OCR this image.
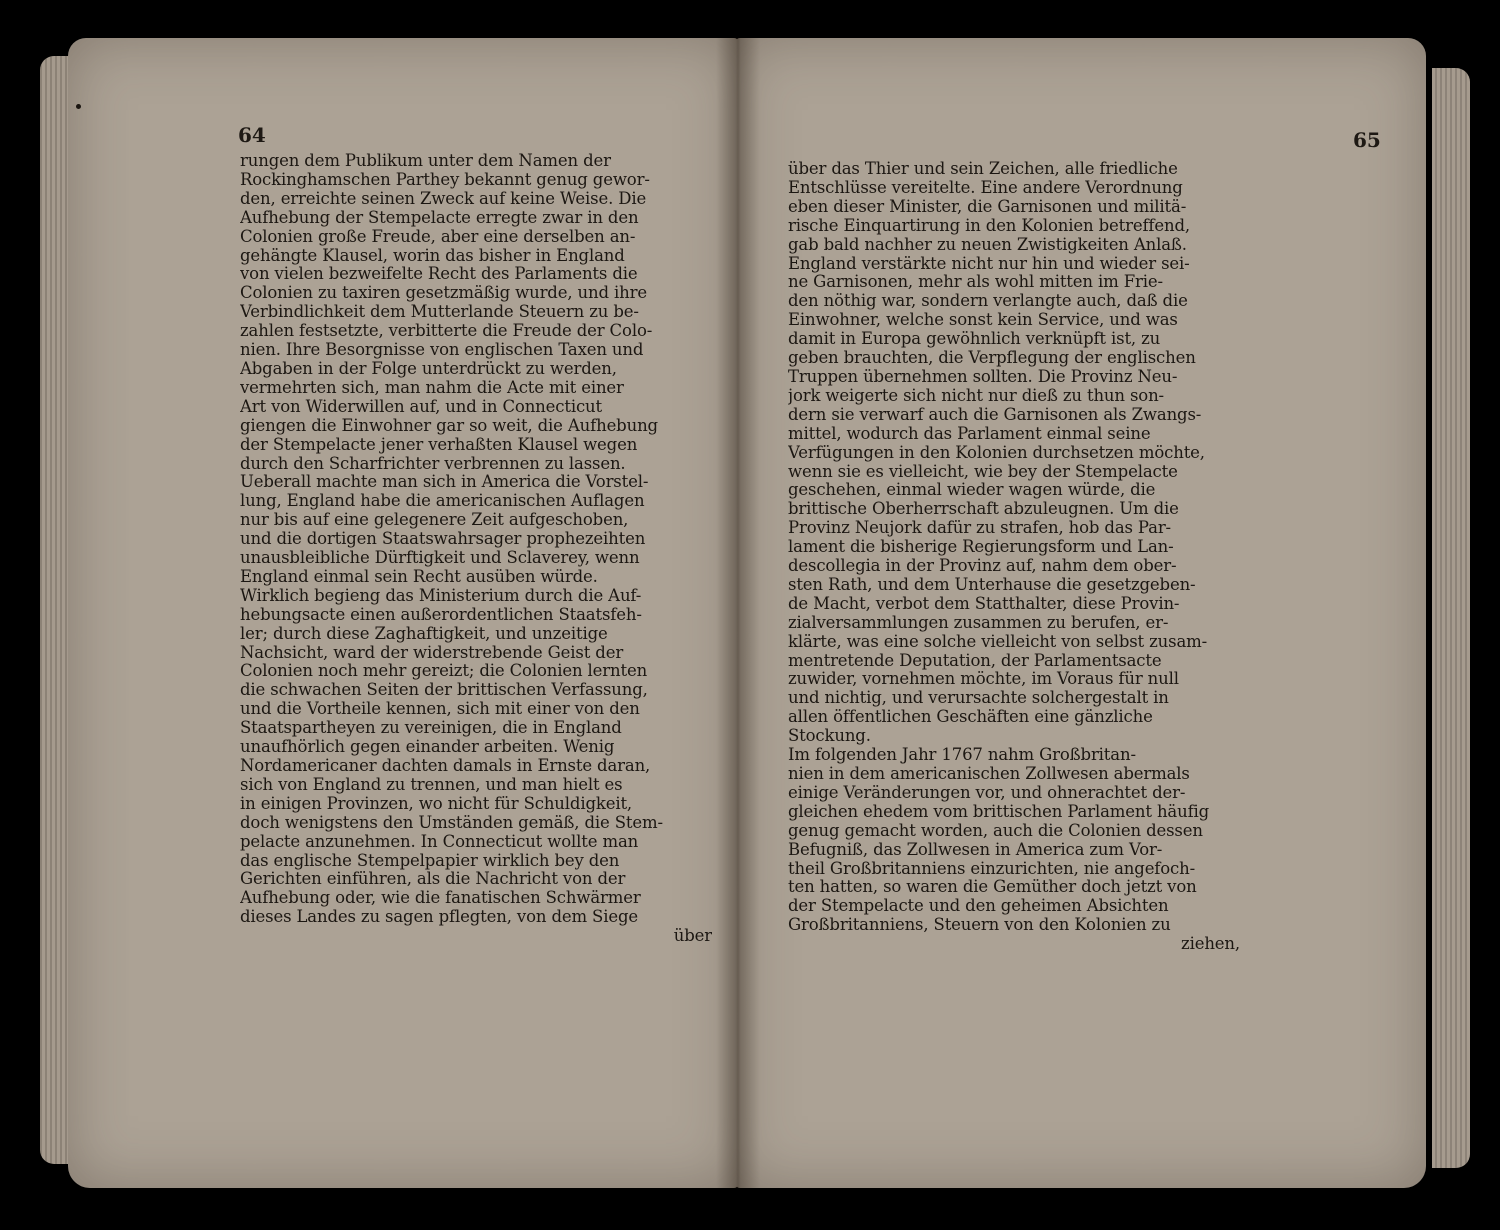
64
rungen dem Publikum unter dem Namen der
Rockinghamschen Parthey bekannt genug gewor-
den, erreichte seinen Zweck auf keine Weise. Die
Aufhebung der Stempelacte erregte zwar in den
Colonien große Freude, aber eine derselben an-
gehängte Klausel, worin das bisher in England
von vielen bezweifelte Recht des Parlaments die
Colonien zu taxiren gesetzmäßig wurde, und ihre
Verbindlichkeit dem Mutterlande Steuern zu be-
zahlen festsetzte, verbitterte die Freude der Colo-
nien. Ihre Besorgnisse von englischen Taxen und
Abgaben in der Folge unterdrückt zu werden,
vermehrten sich, man nahm die Acte mit einer
Art von Widerwillen auf, und in Connecticut
giengen die Einwohner gar so weit, die Aufhebung
der Stempelacte jener verhaßten Klausel wegen
durch den Scharfrichter verbrennen zu lassen.
Ueberall machte man sich in America die Vorstel-
lung, England habe die americanischen Auflagen
nur bis auf eine gelegenere Zeit aufgeschoben,
und die dortigen Staatswahrsager prophezeihten
unausbleibliche Dürftigkeit und Sclaverey, wenn
England einmal sein Recht ausüben würde.
Wirklich begieng das Ministerium durch die Auf-
hebungsacte einen außerordentlichen Staatsfeh-
ler; durch diese Zaghaftigkeit, und unzeitige
Nachsicht, ward der widerstrebende Geist der
Colonien noch mehr gereizt; die Colonien lernten
die schwachen Seiten der brittischen Verfassung,
und die Vortheile kennen, sich mit einer von den
Staatspartheyen zu vereinigen, die in England
unaufhörlich gegen einander arbeiten. Wenig
Nordamericaner dachten damals in Ernste daran,
sich von England zu trennen, und man hielt es
in einigen Provinzen, wo nicht für Schuldigkeit,
doch wenigstens den Umständen gemäß, die Stem-
pelacte anzunehmen. In Connecticut wollte man
das englische Stempelpapier wirklich bey den
Gerichten einführen, als die Nachricht von der
Aufhebung oder, wie die fanatischen Schwärmer
dieses Landes zu sagen pflegten, von dem Siege
über
65
über das Thier und sein Zeichen, alle friedliche
Entschlüsse vereitelte. Eine andere Verordnung
eben dieser Minister, die Garnisonen und militä-
rische Einquartirung in den Kolonien betreffend,
gab bald nachher zu neuen Zwistigkeiten Anlaß.
England verstärkte nicht nur hin und wieder sei-
ne Garnisonen, mehr als wohl mitten im Frie-
den nöthig war, sondern verlangte auch, daß die
Einwohner, welche sonst kein Service, und was
damit in Europa gewöhnlich verknüpft ist, zu
geben brauchten, die Verpflegung der englischen
Truppen übernehmen sollten. Die Provinz Neu-
jork weigerte sich nicht nur dieß zu thun son-
dern sie verwarf auch die Garnisonen als Zwangs-
mittel, wodurch das Parlament einmal seine
Verfügungen in den Kolonien durchsetzen möchte,
wenn sie es vielleicht, wie bey der Stempelacte
geschehen, einmal wieder wagen würde, die
brittische Oberherrschaft abzuleugnen. Um die
Provinz Neujork dafür zu strafen, hob das Par-
lament die bisherige Regierungsform und Lan-
descollegia in der Provinz auf, nahm dem ober-
sten Rath, und dem Unterhause die gesetzgeben-
de Macht, verbot dem Statthalter, diese Provin-
zialversammlungen zusammen zu berufen, er-
klärte, was eine solche vielleicht von selbst zusam-
mentretende Deputation, der Parlamentsacte
zuwider, vornehmen möchte, im Voraus für null
und nichtig, und verursachte solchergestalt in
allen öffentlichen Geschäften eine gänzliche
Stockung.
Im folgenden Jahr 1767 nahm Großbritan-
nien in dem americanischen Zollwesen abermals
einige Veränderungen vor, und ohnerachtet der-
gleichen ehedem vom brittischen Parlament häufig
genug gemacht worden, auch die Colonien dessen
Befugniß, das Zollwesen in America zum Vor-
theil Großbritanniens einzurichten, nie angefoch-
ten hatten, so waren die Gemüther doch jetzt von
der Stempelacte und den geheimen Absichten
Großbritanniens, Steuern von den Kolonien zu
ziehen,
